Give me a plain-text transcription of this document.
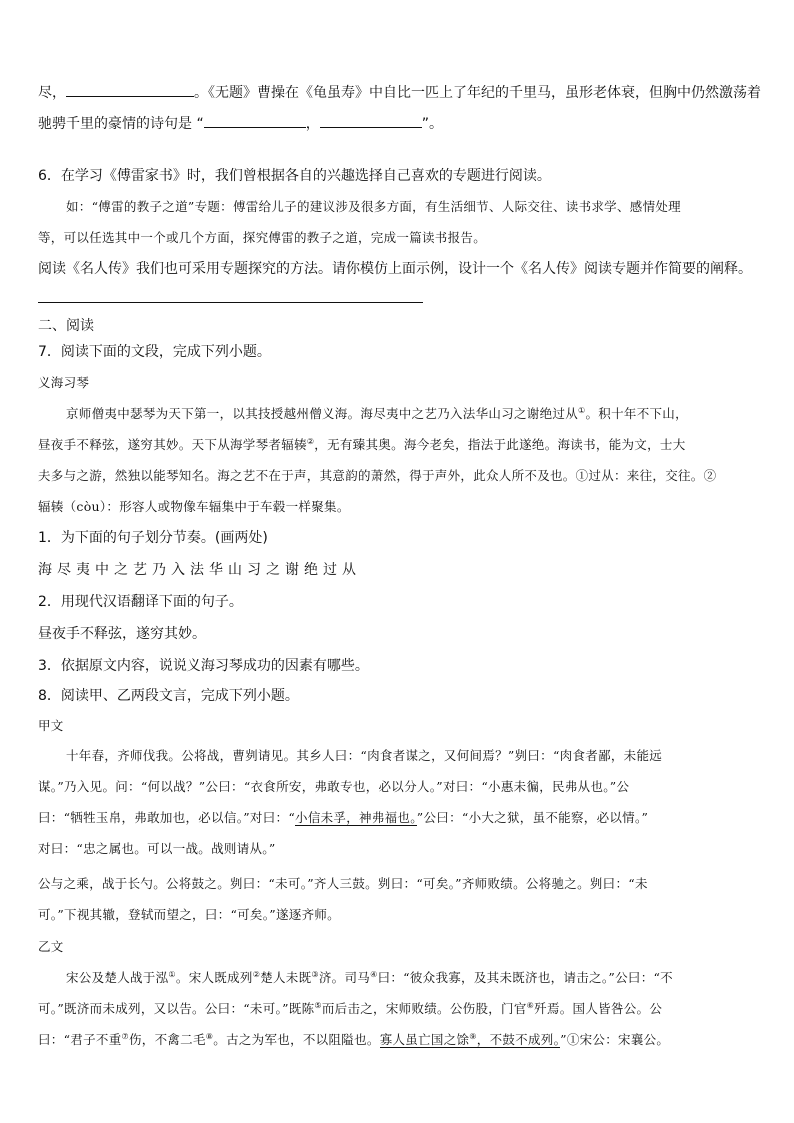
尽，	。《无题》曹操在《龟虽寿》中自比一匹上了年纪的千里马，虽形老体衰，但胸中仍然激荡着
驰骋千里的豪情的诗句是 “	，	”。
6．在学习《傅雷家书》时，我们曾根据各自的兴趣选择自己喜欢的专题进行阅读。
如：“傅雷的教子之道”专题：傅雷给儿子的建议涉及很多方面，有生活细节、人际交往、读书求学、感情处理
等，可以任选其中一个或几个方面，探究傅雷的教子之道，完成一篇读书报告。
阅读《名人传》我们也可采用专题探究的方法。请你模仿上面示例，设计一个《名人传》阅读专题并作简要的阐释。
二、阅读
7．阅读下面的文段，完成下列小题。
义海习琴
京师僧夷中瑟琴为天下第一，以其技授越州僧义海。海尽夷中之艺乃入法华山习之谢绝过从①。积十年不下山，
昼夜手不释弦，遂穷其妙。天下从海学琴者辐辏②，无有臻其奥。海今老矣，指法于此遂绝。海读书，能为文，士大
夫多与之游，然独以能琴知名。海之艺不在于声，其意韵的萧然，得于声外，此众人所不及也。①过从：来往，交往。②
辐辏（còu）：形容人或物像车辐集中于车毂一样聚集。
1．为下面的句子划分节奏。(画两处)
海尽夷中之艺乃入法华山习之谢绝过从
2．用现代汉语翻译下面的句子。
昼夜手不释弦，遂穷其妙。
3．依据原文内容，说说义海习琴成功的因素有哪些。
8．阅读甲、乙两段文言，完成下列小题。
甲文
十年春，齐师伐我。公将战，曹刿请见。其乡人曰：“肉食者谋之，又何间焉？”刿曰：“肉食者鄙，未能远
谋。”乃入见。问：“何以战？”公曰：“衣食所安，弗敢专也，必以分人。”对曰：“小惠未徧，民弗从也。”公
曰：“牺牲玉帛，弗敢加也，必以信。”对曰：“小信未孚，神弗福也。”公曰：“小大之狱，虽不能察，必以情。”
对曰：“忠之属也。可以一战。战则请从。”
公与之乘，战于长勺。公将鼓之。刿曰：“未可。”齐人三鼓。刿曰：“可矣。”齐师败绩。公将驰之。刿曰：“未
可。”下视其辙，登轼而望之，曰：“可矣。”遂逐齐师。
乙文
宋公及楚人战于泓①。宋人既成列②楚人未既③济。司马④曰：“彼众我寡，及其未既济也，请击之。”公曰：“不
可。”既济而未成列，又以告。公曰：“未可。”既陈⑤而后击之，宋师败绩。公伤股，门官⑥歼焉。国人皆咎公。公
曰：“君子不重⑦伤，不禽二毛⑧。古之为军也，不以阻隘也。寡人虽亡国之馀⑨，不鼓不成列。”①宋公：宋襄公。
